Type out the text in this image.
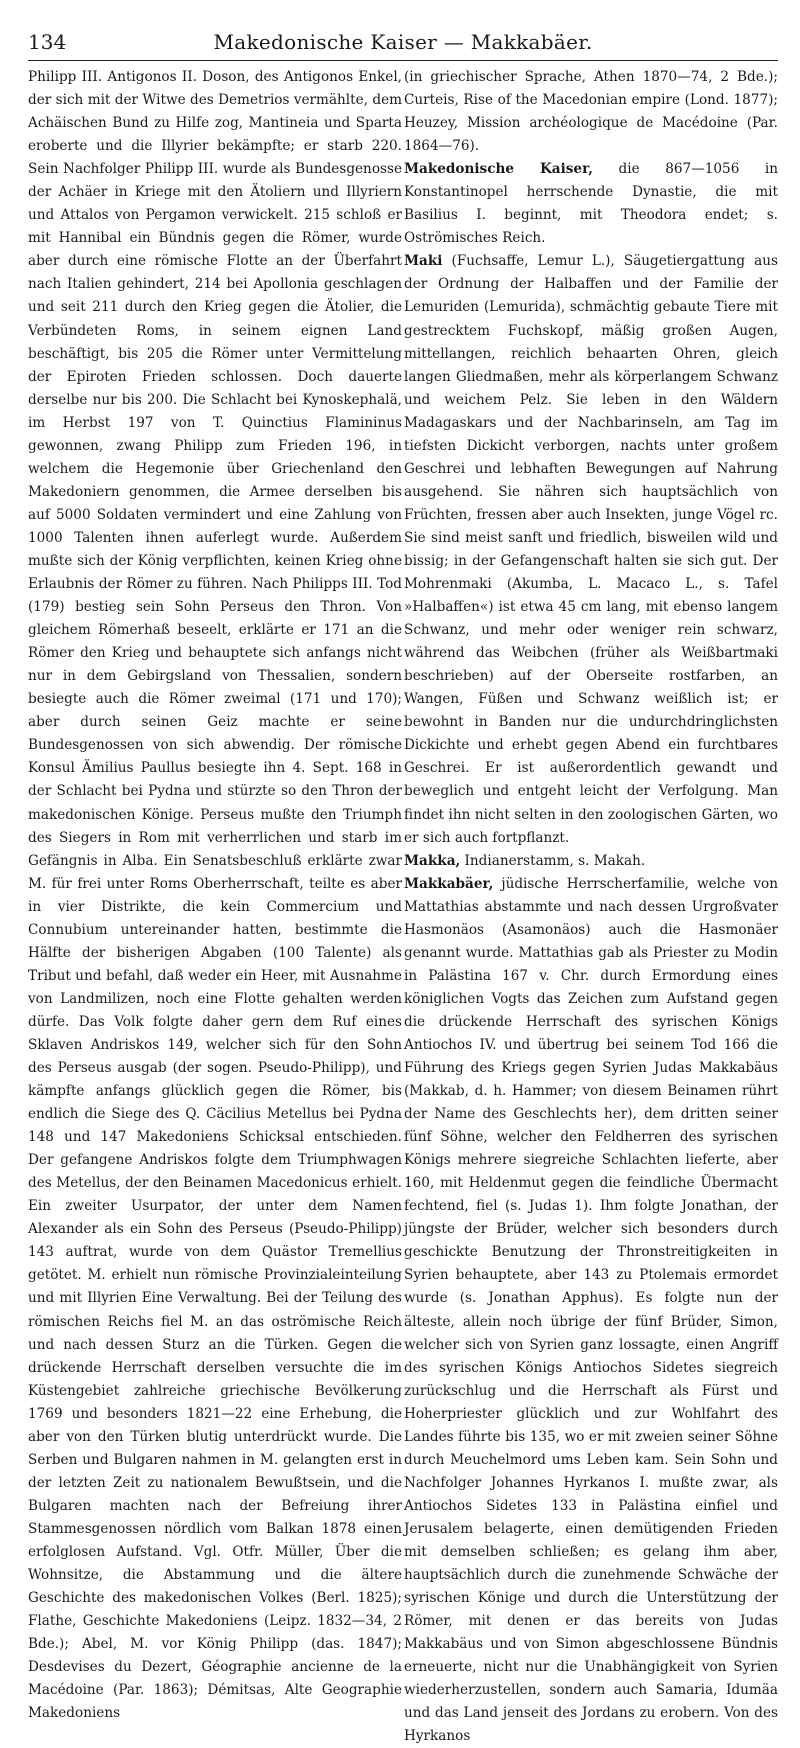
134	Makedonische Kaiser — Makkabäer.

Philipp III. Antigonos II. Doson, des Antigonos Enkel, der sich mit der Witwe des Demetrios vermählte, dem Achäischen Bund zu Hilfe zog, Mantineia und Sparta eroberte und die Illyrier bekämpfte; er starb 220. Sein Nachfolger Philipp III. wurde als Bundesgenosse der Achäer in Kriege mit den Ätoliern und Illyriern und Attalos von Pergamon verwickelt. 215 schloß er mit Hannibal ein Bündnis gegen die Römer, wurde aber durch eine römische Flotte an der Überfahrt nach Italien gehindert, 214 bei Apollonia geschlagen und seit 211 durch den Krieg gegen die Ätolier, die Verbündeten Roms, in seinem eignen Land beschäftigt, bis 205 die Römer unter Vermittelung der Epiroten Frieden schlossen. Doch dauerte derselbe nur bis 200. Die Schlacht bei Kynoskephalä, im Herbst 197 von T. Quinctius Flamininus gewonnen, zwang Philipp zum Frieden 196, in welchem die Hegemonie über Griechenland den Makedoniern genommen, die Armee derselben bis auf 5000 Soldaten vermindert und eine Zahlung von 1000 Talenten ihnen auferlegt wurde. Außerdem mußte sich der König verpflichten, keinen Krieg ohne Erlaubnis der Römer zu führen. Nach Philipps III. Tod (179) bestieg sein Sohn Perseus den Thron. Von gleichem Römerhaß beseelt, erklärte er 171 an die Römer den Krieg und behauptete sich anfangs nicht nur in dem Gebirgsland von Thessalien, sondern besiegte auch die Römer zweimal (171 und 170); aber durch seinen Geiz machte er seine Bundesgenossen von sich abwendig. Der römische Konsul Ämilius Paullus besiegte ihn 4. Sept. 168 in der Schlacht bei Pydna und stürzte so den Thron der makedonischen Könige. Perseus mußte den Triumph des Siegers in Rom mit verherrlichen und starb im Gefängnis in Alba. Ein Senatsbeschluß erklärte zwar M. für frei unter Roms Oberherrschaft, teilte es aber in vier Distrikte, die kein Commercium und Connubium untereinander hatten, bestimmte die Hälfte der bisherigen Abgaben (100 Talente) als Tribut und befahl, daß weder ein Heer, mit Ausnahme von Landmilizen, noch eine Flotte gehalten werden dürfe. Das Volk folgte daher gern dem Ruf eines Sklaven Andriskos 149, welcher sich für den Sohn des Perseus ausgab (der sogen. Pseudo-Philipp), und kämpfte anfangs glücklich gegen die Römer, bis endlich die Siege des Q. Cäcilius Metellus bei Pydna 148 und 147 Makedoniens Schicksal entschieden. Der gefangene Andriskos folgte dem Triumphwagen des Metellus, der den Beinamen Macedonicus erhielt. Ein zweiter Usurpator, der unter dem Namen Alexander als ein Sohn des Perseus (Pseudo-Philipp) 143 auftrat, wurde von dem Quästor Tremellius getötet. M. erhielt nun römische Provinzialeinteilung und mit Illyrien Eine Verwaltung. Bei der Teilung des römischen Reichs fiel M. an das oströmische Reich und nach dessen Sturz an die Türken. Gegen die drückende Herrschaft derselben versuchte die im Küstengebiet zahlreiche griechische Bevölkerung 1769 und besonders 1821—22 eine Erhebung, die aber von den Türken blutig unterdrückt wurde. Die Serben und Bulgaren nahmen in M. gelangten erst in der letzten Zeit zu nationalem Bewußtsein, und die Bulgaren machten nach der Befreiung ihrer Stammesgenossen nördlich vom Balkan 1878 einen erfolglosen Aufstand. Vgl. Otfr. Müller, Über die Wohnsitze, die Abstammung und die ältere Geschichte des makedonischen Volkes (Berl. 1825); Flathe, Geschichte Makedoniens (Leipz. 1832—34, 2 Bde.); Abel, M. vor König Philipp (das. 1847); Desdevises du Dezert, Géographie ancienne de la Macédoine (Par. 1863); Démitsas, Alte Geographie Makedoniens

(in griechischer Sprache, Athen 1870—74, 2 Bde.); Curteis, Rise of the Macedonian empire (Lond. 1877); Heuzey, Mission archéologique de Macédoine (Par. 1864—76).

Makedonische Kaiser, die 867—1056 in Konstantinopel herrschende Dynastie, die mit Basilius I. beginnt, mit Theodora endet; s. Oströmisches Reich.

Maki (Fuchsaffe, Lemur L.), Säugetiergattung aus der Ordnung der Halbaffen und der Familie der Lemuriden (Lemurida), schmächtig gebaute Tiere mit gestrecktem Fuchskopf, mäßig großen Augen, mittellangen, reichlich behaarten Ohren, gleich langen Gliedmaßen, mehr als körperlangem Schwanz und weichem Pelz. Sie leben in den Wäldern Madagaskars und der Nachbarinseln, am Tag im tiefsten Dickicht verborgen, nachts unter großem Geschrei und lebhaften Bewegungen auf Nahrung ausgehend. Sie nähren sich hauptsächlich von Früchten, fressen aber auch Insekten, junge Vögel rc. Sie sind meist sanft und friedlich, bisweilen wild und bissig; in der Gefangenschaft halten sie sich gut. Der Mohrenmaki (Akumba, L. Macaco L., s. Tafel »Halbaffen«) ist etwa 45 cm lang, mit ebenso langem Schwanz, und mehr oder weniger rein schwarz, während das Weibchen (früher als Weißbartmaki beschrieben) auf der Oberseite rostfarben, an Wangen, Füßen und Schwanz weißlich ist; er bewohnt in Banden nur die undurchdringlichsten Dickichte und erhebt gegen Abend ein furchtbares Geschrei. Er ist außerordentlich gewandt und beweglich und entgeht leicht der Verfolgung. Man findet ihn nicht selten in den zoologischen Gärten, wo er sich auch fortpflanzt.

Makka, Indianerstamm, s. Makah.

Makkabäer, jüdische Herrscherfamilie, welche von Mattathias abstammte und nach dessen Urgroßvater Hasmonäos (Asamonäos) auch die Hasmonäer genannt wurde. Mattathias gab als Priester zu Modin in Palästina 167 v. Chr. durch Ermordung eines königlichen Vogts das Zeichen zum Aufstand gegen die drückende Herrschaft des syrischen Königs Antiochos IV. und übertrug bei seinem Tod 166 die Führung des Kriegs gegen Syrien Judas Makkabäus (Makkab, d. h. Hammer; von diesem Beinamen rührt der Name des Geschlechts her), dem dritten seiner fünf Söhne, welcher den Feldherren des syrischen Königs mehrere siegreiche Schlachten lieferte, aber 160, mit Heldenmut gegen die feindliche Übermacht fechtend, fiel (s. Judas 1). Ihm folgte Jonathan, der jüngste der Brüder, welcher sich besonders durch geschickte Benutzung der Thronstreitigkeiten in Syrien behauptete, aber 143 zu Ptolemais ermordet wurde (s. Jonathan Apphus). Es folgte nun der älteste, allein noch übrige der fünf Brüder, Simon, welcher sich von Syrien ganz lossagte, einen Angriff des syrischen Königs Antiochos Sidetes siegreich zurückschlug und die Herrschaft als Fürst und Hoherpriester glücklich und zur Wohlfahrt des Landes führte bis 135, wo er mit zweien seiner Söhne durch Meuchelmord ums Leben kam. Sein Sohn und Nachfolger Johannes Hyrkanos I. mußte zwar, als Antiochos Sidetes 133 in Palästina einfiel und Jerusalem belagerte, einen demütigenden Frieden mit demselben schließen; es gelang ihm aber, hauptsächlich durch die zunehmende Schwäche der syrischen Könige und durch die Unterstützung der Römer, mit denen er das bereits von Judas Makkabäus und von Simon abgeschlossene Bündnis erneuerte, nicht nur die Unabhängigkeit von Syrien wiederherzustellen, sondern auch Samaria, Idumäa und das Land jenseit des Jordans zu erobern. Von des Hyrkanos
